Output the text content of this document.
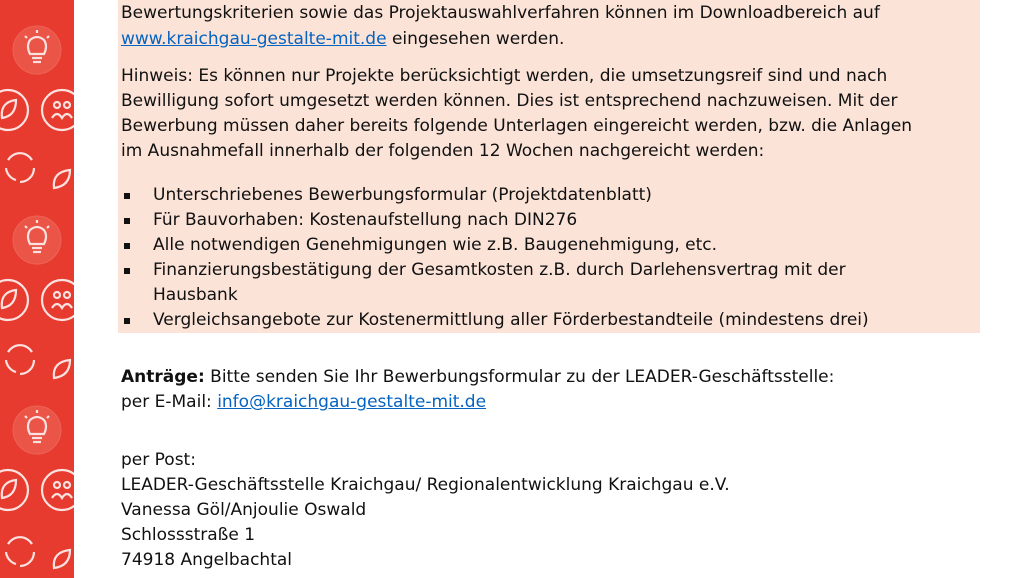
Bewertungskriterien sowie das Projektauswahlverfahren können im Downloadbereich auf
www.kraichgau-gestalte-mit.de eingesehen werden.
Hinweis: Es können nur Projekte berücksichtigt werden, die umsetzungsreif sind und nach
Bewilligung sofort umgesetzt werden können. Dies ist entsprechend nachzuweisen. Mit der
Bewerbung müssen daher bereits folgende Unterlagen eingereicht werden, bzw. die Anlagen
im Ausnahmefall innerhalb der folgenden 12 Wochen nachgereicht werden:
Unterschriebenes Bewerbungsformular (Projektdatenblatt)
Für Bauvorhaben: Kostenaufstellung nach DIN276
Alle notwendigen Genehmigungen wie z.B. Baugenehmigung, etc.
Finanzierungsbestätigung der Gesamtkosten z.B. durch Darlehensvertrag mit der
Hausbank
Vergleichsangebote zur Kostenermittlung aller Förderbestandteile (mindestens drei)
Anträge: Bitte senden Sie Ihr Bewerbungsformular zu der LEADER-Geschäftsstelle:
per E-Mail: info@kraichgau-gestalte-mit.de
per Post:
LEADER-Geschäftsstelle Kraichgau/ Regionalentwicklung Kraichgau e.V.
Vanessa Göl/Anjoulie Oswald
Schlossstraße 1
74918 Angelbachtal
